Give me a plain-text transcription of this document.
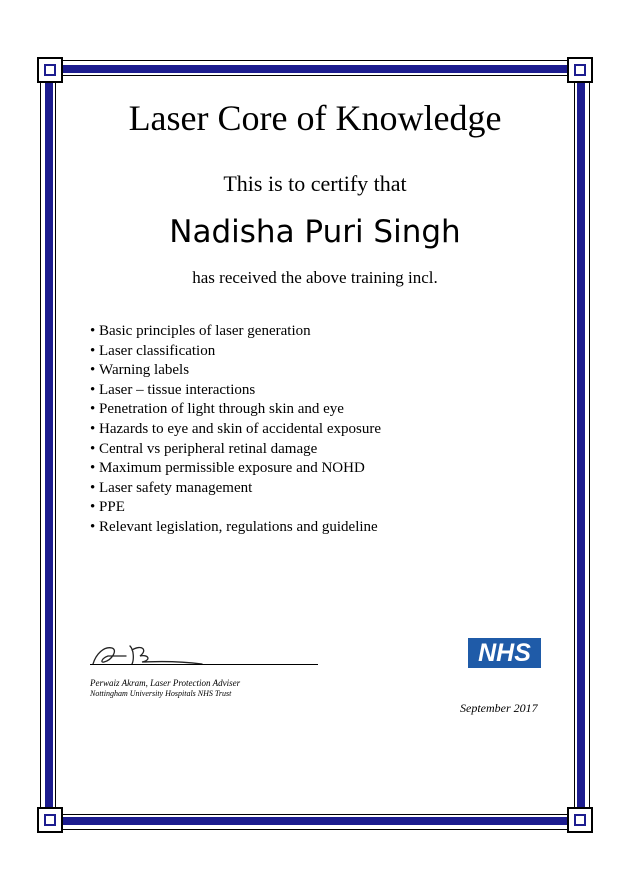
Laser Core of Knowledge
This is to certify that
Nadisha Puri Singh
has received the above training incl.
• Basic principles of laser generation
• Laser classification
• Warning labels
• Laser – tissue interactions
• Penetration of light through skin and eye
• Hazards to eye and skin of accidental exposure
• Central vs peripheral retinal damage
• Maximum permissible exposure and NOHD
• Laser safety management
• PPE
• Relevant legislation, regulations and guideline
Perwaiz Akram, Laser Protection Adviser
Nottingham University Hospitals NHS Trust
NHS
September 2017
